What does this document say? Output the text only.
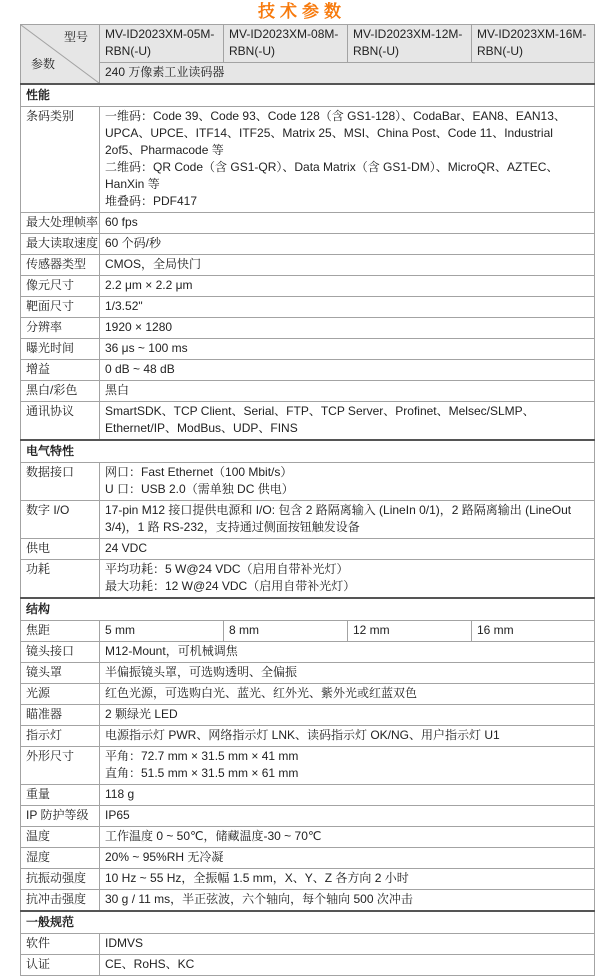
技术参数
型号
参数	MV-ID2023XM-05M-RBN(-U)	MV-ID2023XM-08M-RBN(-U)	MV-ID2023XM-12M-RBN(-U)	MV-ID2023XM-16M-RBN(-U)
	240 万像素工业读码器			
性能				
条码类别	一维码：Code 39、Code 93、Code 128（含 GS1-128）、CodaBar、EAN8、EAN13、UPCA、UPCE、ITF14、ITF25、Matrix 25、MSI、China Post、Code 11、Industrial 2of5、Pharmacode 等
二维码：QR Code（含 GS1-QR）、Data Matrix（含 GS1-DM）、MicroQR、AZTEC、HanXin 等
堆叠码：PDF417			

最大处理帧率	60 fps			

最大读取速度	60 个码/秒			

传感器类型	CMOS，全局快门			

像元尺寸	2.2 μm × 2.2 μm			

靶面尺寸	1/3.52"			

分辨率	1920 × 1280			

曝光时间	36 μs ~ 100 ms			

增益	0 dB ~ 48 dB			

黑白/彩色	黑白			

通讯协议	SmartSDK、TCP Client、Serial、FTP、TCP Server、Profinet、Melsec/SLMP、Ethernet/IP、ModBus、UDP、FINS			

电气特性				
数据接口	网口：Fast Ethernet（100 Mbit/s）
U 口：USB 2.0（需单独 DC 供电）			

数字 I/O	17-pin M12 接口提供电源和 I/O: 包含 2 路隔离输入 (LineIn 0/1)，2 路隔离输出 (LineOut 3/4)，1 路 RS-232，支持通过侧面按钮触发设备			

供电	24 VDC			

功耗	平均功耗：5 W@24 VDC（启用自带补光灯）
最大功耗：12 W@24 VDC（启用自带补光灯）			

结构				
焦距	5 mm	8 mm	12 mm	16 mm
镜头接口	M12-Mount，可机械调焦			

镜头罩	半偏振镜头罩，可选购透明、全偏振			

光源	红色光源，可选购白光、蓝光、红外光、紫外光或红蓝双色			

瞄准器	2 颗绿光 LED			

指示灯	电源指示灯 PWR、网络指示灯 LNK、读码指示灯 OK/NG、用户指示灯 U1			

外形尺寸	平角：72.7 mm × 31.5 mm × 41 mm
直角：51.5 mm × 31.5 mm × 61 mm			

重量	118 g			

IP 防护等级	IP65			

温度	工作温度 0 ~ 50℃，储藏温度-30 ~ 70℃			

湿度	20% ~ 95%RH 无冷凝			

抗振动强度	10 Hz ~ 55 Hz，全振幅 1.5 mm，X、Y、Z 各方向 2 小时			

抗冲击强度	30 g / 11 ms，半正弦波，六个轴向，每个轴向 500 次冲击			

一般规范				
软件	IDMVS			

认证	CE、RoHS、KC			
